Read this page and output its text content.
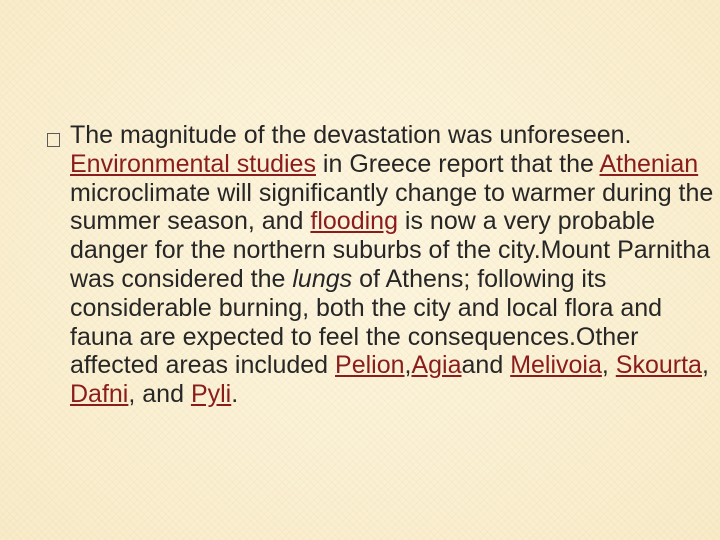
The magnitude of the devastation was unforeseen. Environmental studies in Greece report that the Athenian microclimate will significantly change to warmer during the summer season, and flooding is now a very probable danger for the northern suburbs of the city.Mount Parnitha was considered the lungs of Athens; following its considerable burning, both the city and local flora and fauna are expected to feel the consequences.Other affected areas included Pelion,Agiaand Melivoia, Skourta, Dafni, and Pyli.
